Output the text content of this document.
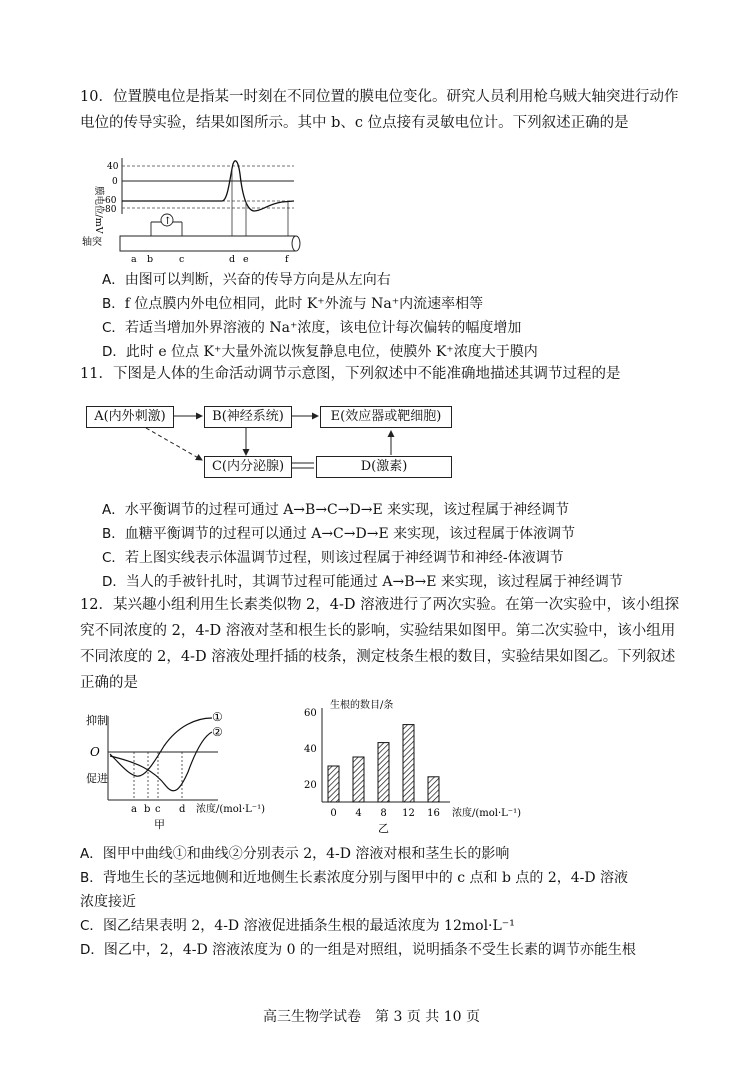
10．位置膜电位是指某一时刻在不同位置的膜电位变化。研究人员利用枪乌贼大轴突进行动作电位的传导实验，结果如图所示。其中 b、c 位点接有灵敏电位计。下列叙述正确的是
膜电位/mV
40
0
-60
-80
↑
轴突
a b	c	d e	f
A．由图可以判断，兴奋的传导方向是从左向右
B．f 位点膜内外电位相同，此时 K⁺外流与 Na⁺内流速率相等
C．若适当增加外界溶液的 Na⁺浓度，该电位计每次偏转的幅度增加
D．此时 e 位点 K⁺大量外流以恢复静息电位，使膜外 K⁺浓度大于膜内
11．下图是人体的生命活动调节示意图，下列叙述中不能准确地描述其调节过程的是
A(内外刺激)	B(神经系统)	E(效应器或靶细胞)
C(内分泌腺)	D(激素)
A．水平衡调节的过程可通过 A→B→C→D→E 来实现，该过程属于神经调节
B．血糖平衡调节的过程可以通过 A→C→D→E 来实现，该过程属于体液调节
C．若上图实线表示体温调节过程，则该过程属于神经调节和神经-体液调节
D．当人的手被针扎时，其调节过程可能通过 A→B→E 来实现，该过程属于神经调节
12．某兴趣小组利用生长素类似物 2，4-D 溶液进行了两次实验。在第一次实验中，该小组探究不同浓度的 2，4-D 溶液对茎和根生长的影响，实验结果如图甲。第二次实验中，该小组用不同浓度的 2，4-D 溶液处理扦插的枝条，测定枝条生根的数目，实验结果如图乙。下列叙述正确的是
抑制
O
促进
①
②
a b c d 浓度/(mol·L⁻¹)
甲
生根的数目/条
20
40
60
0 4 8 12 16 浓度/(mol·L⁻¹)
乙
A．图甲中曲线①和曲线②分别表示 2，4-D 溶液对根和茎生长的影响
B．背地生长的茎远地侧和近地侧生长素浓度分别与图甲中的 c 点和 b 点的 2，4-D 溶液
浓度接近
C．图乙结果表明 2，4-D 溶液促进插条生根的最适浓度为 12mol·L⁻¹
D．图乙中，2，4-D 溶液浓度为 0 的一组是对照组，说明插条不受生长素的调节亦能生根
高三生物学试卷　第 3 页 共 10 页
